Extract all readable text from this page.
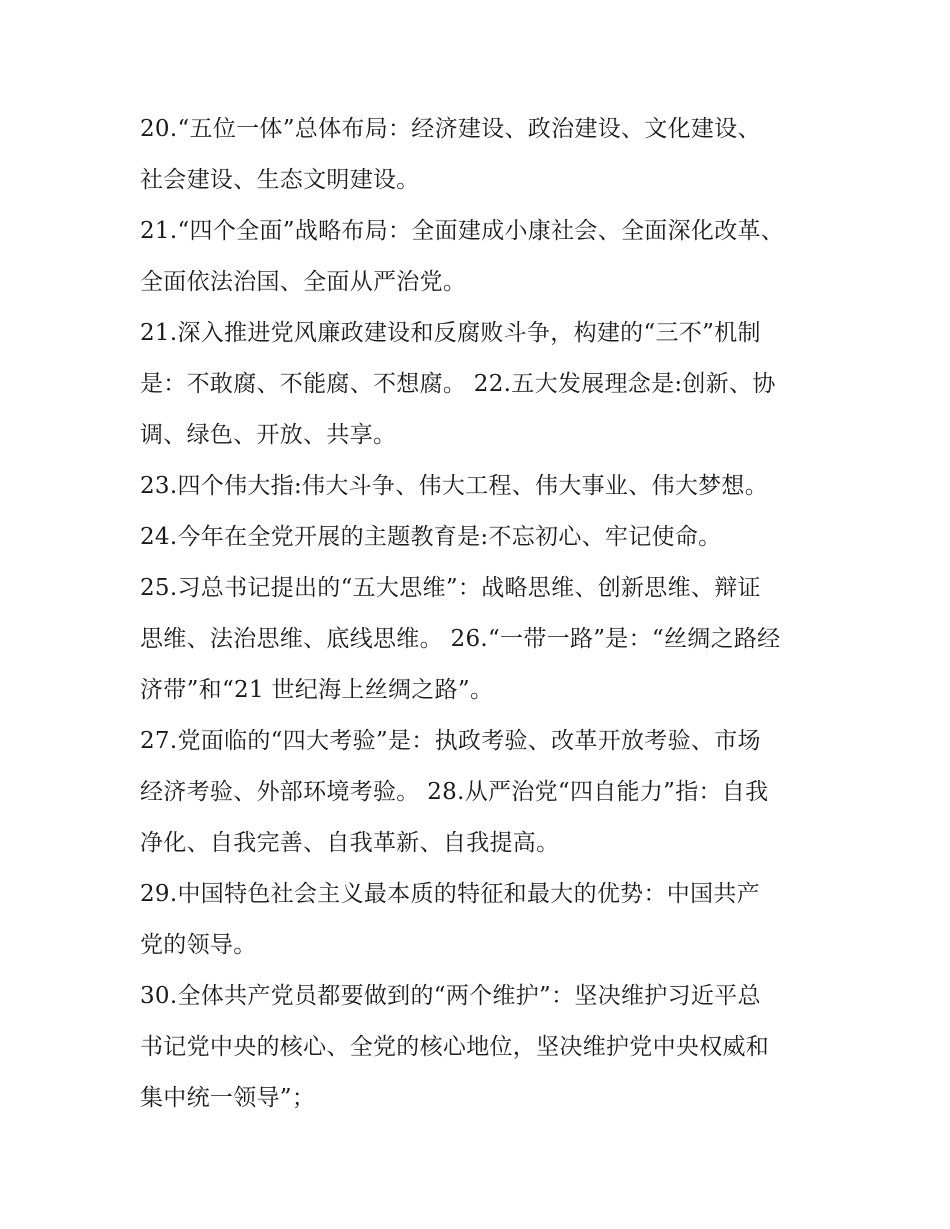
20.“五位一体”总体布局：经济建设、政治建设、文化建设、
社会建设、生态文明建设。
21.“四个全面”战略布局：全面建成小康社会、全面深化改革、
全面依法治国、全面从严治党。
21.深入推进党风廉政建设和反腐败斗争，构建的“三不”机制
是：不敢腐、不能腐、不想腐。 22.五大发展理念是:创新、协
调、绿色、开放、共享。
23.四个伟大指:伟大斗争、伟大工程、伟大事业、伟大梦想。
24.今年在全党开展的主题教育是:不忘初心、牢记使命。
25.习总书记提出的“五大思维”：战略思维、创新思维、辩证
思维、法治思维、底线思维。 26.“一带一路”是：“丝绸之路经
济带”和“21 世纪海上丝绸之路”。
27.党面临的“四大考验”是：执政考验、改革开放考验、市场
经济考验、外部环境考验。 28.从严治党“四自能力”指：自我
净化、自我完善、自我革新、自我提高。
29.中国特色社会主义最本质的特征和最大的优势：中国共产
党的领导。
30.全体共产党员都要做到的“两个维护”：坚决维护习近平总
书记党中央的核心、全党的核心地位，坚决维护党中央权威和
集中统一领导”；
